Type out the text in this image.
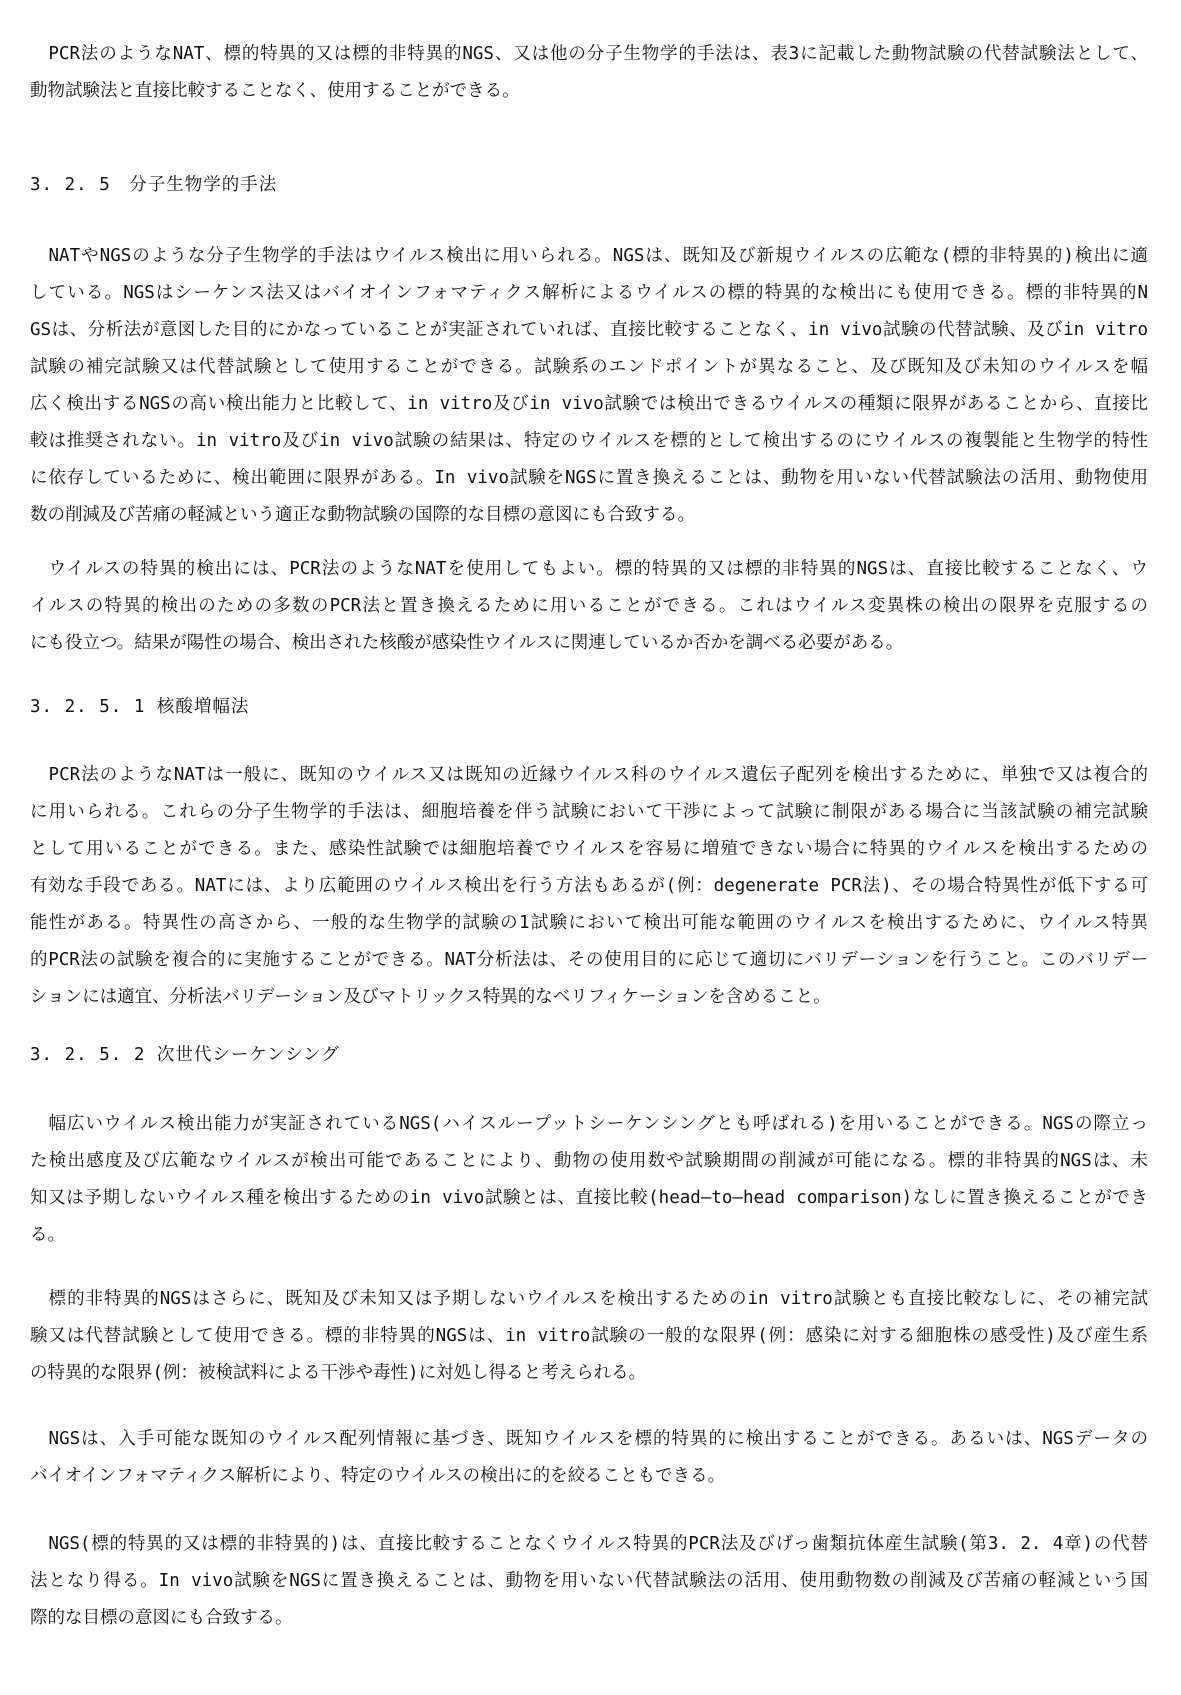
　PCR法のようなNAT、標的特異的又は標的非特異的NGS、又は他の分子生物学的手法は、表3に記載した動物試験の代替試験法として、
動物試験法と直接比較することなく、使用することができる。
3. 2. 5　分子生物学的手法
　NATやNGSのような分子生物学的手法はウイルス検出に用いられる。NGSは、既知及び新規ウイルスの広範な(標的非特異的)検出に適
している。NGSはシーケンス法又はバイオインフォマティクス解析によるウイルスの標的特異的な検出にも使用できる。標的非特異的N
GSは、分析法が意図した目的にかなっていることが実証されていれば、直接比較することなく、in vivo試験の代替試験、及びin vitro
試験の補完試験又は代替試験として使用することができる。試験系のエンドポイントが異なること、及び既知及び未知のウイルスを幅
広く検出するNGSの高い検出能力と比較して、in vitro及びin vivo試験では検出できるウイルスの種類に限界があることから、直接比
較は推奨されない。in vitro及びin vivo試験の結果は、特定のウイルスを標的として検出するのにウイルスの複製能と生物学的特性
に依存しているために、検出範囲に限界がある。In vivo試験をNGSに置き換えることは、動物を用いない代替試験法の活用、動物使用
数の削減及び苦痛の軽減という適正な動物試験の国際的な目標の意図にも合致する。
　ウイルスの特異的検出には、PCR法のようなNATを使用してもよい。標的特異的又は標的非特異的NGSは、直接比較することなく、ウ
イルスの特異的検出のための多数のPCR法と置き換えるために用いることができる。これはウイルス変異株の検出の限界を克服するの
にも役立つ。結果が陽性の場合、検出された核酸が感染性ウイルスに関連しているか否かを調べる必要がある。
3. 2. 5. 1 核酸増幅法
　PCR法のようなNATは一般に、既知のウイルス又は既知の近縁ウイルス科のウイルス遺伝子配列を検出するために、単独で又は複合的
に用いられる。これらの分子生物学的手法は、細胞培養を伴う試験において干渉によって試験に制限がある場合に当該試験の補完試験
として用いることができる。また、感染性試験では細胞培養でウイルスを容易に増殖できない場合に特異的ウイルスを検出するための
有効な手段である。NATには、より広範囲のウイルス検出を行う方法もあるが(例：degenerate PCR法)、その場合特異性が低下する可
能性がある。特異性の高さから、一般的な生物学的試験の1試験において検出可能な範囲のウイルスを検出するために、ウイルス特異
的PCR法の試験を複合的に実施することができる。NAT分析法は、その使用目的に応じて適切にバリデーションを行うこと。このバリデー
ションには適宜、分析法バリデーション及びマトリックス特異的なベリフィケーションを含めること。
3. 2. 5. 2 次世代シーケンシング
　幅広いウイルス検出能力が実証されているNGS(ハイスループットシーケンシングとも呼ばれる)を用いることができる。NGSの際立っ
た検出感度及び広範なウイルスが検出可能であることにより、動物の使用数や試験期間の削減が可能になる。標的非特異的NGSは、未
知又は予期しないウイルス種を検出するためのin vivo試験とは、直接比較(head―to―head comparison)なしに置き換えることができ
る。
　標的非特異的NGSはさらに、既知及び未知又は予期しないウイルスを検出するためのin vitro試験とも直接比較なしに、その補完試
験又は代替試験として使用できる。標的非特異的NGSは、in vitro試験の一般的な限界(例：感染に対する細胞株の感受性)及び産生系
の特異的な限界(例：被検試料による干渉や毒性)に対処し得ると考えられる。
　NGSは、入手可能な既知のウイルス配列情報に基づき、既知ウイルスを標的特異的に検出することができる。あるいは、NGSデータの
バイオインフォマティクス解析により、特定のウイルスの検出に的を絞ることもできる。
　NGS(標的特異的又は標的非特異的)は、直接比較することなくウイルス特異的PCR法及びげっ歯類抗体産生試験(第3. 2. 4章)の代替
法となり得る。In vivo試験をNGSに置き換えることは、動物を用いない代替試験法の活用、使用動物数の削減及び苦痛の軽減という国
際的な目標の意図にも合致する。
